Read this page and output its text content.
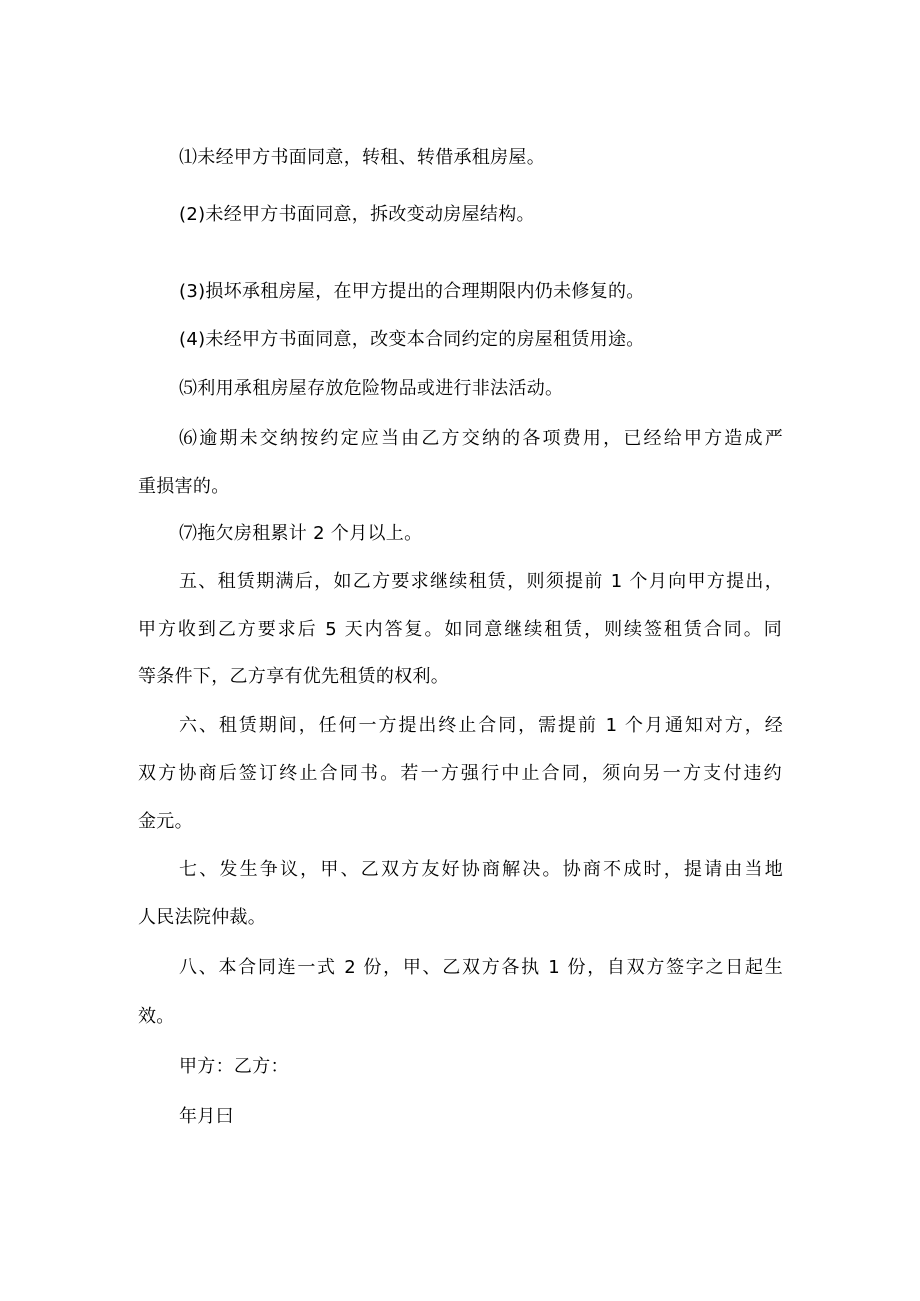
⑴未经甲方书面同意，转租、转借承租房屋。
(2)未经甲方书面同意，拆改变动房屋结构。
(3)损坏承租房屋，在甲方提出的合理期限内仍未修复的。
(4)未经甲方书面同意，改变本合同约定的房屋租赁用途。
⑸利用承租房屋存放危险物品或进行非法活动。
⑹逾期未交纳按约定应当由乙方交纳的各项费用，已经给甲方造成严
重损害的。
⑺拖欠房租累计 2 个月以上。
五、租赁期满后，如乙方要求继续租赁，则须提前 1 个月向甲方提出，
甲方收到乙方要求后 5 天内答复。如同意继续租赁，则续签租赁合同。同
等条件下，乙方享有优先租赁的权利。
六、租赁期间，任何一方提出终止合同，需提前 1 个月通知对方，经
双方协商后签订终止合同书。若一方强行中止合同，须向另一方支付违约
金元。
七、发生争议，甲、乙双方友好协商解决。协商不成时，提请由当地
人民法院仲裁。
八、本合同连一式 2 份，甲、乙双方各执 1 份，自双方签字之日起生
效。
甲方：乙方：
年月曰
